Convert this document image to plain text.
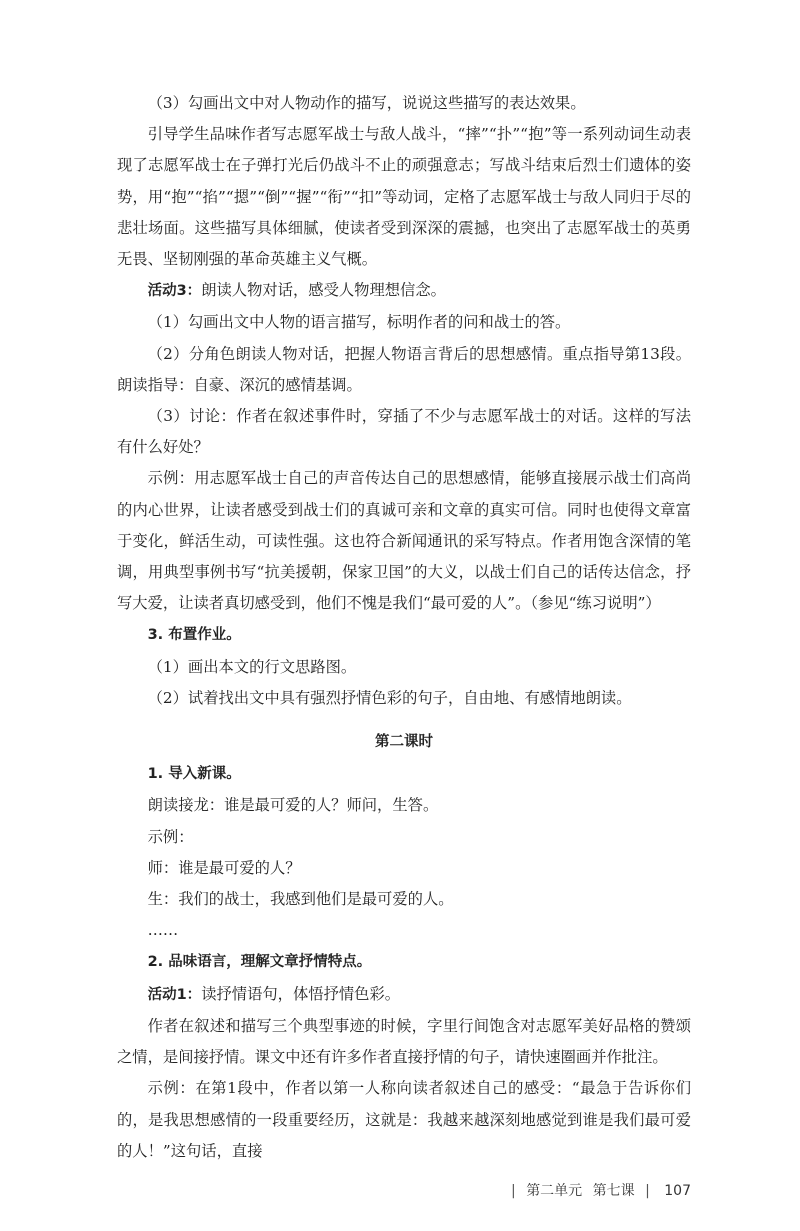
（3）勾画出文中对人物动作的描写，说说这些描写的表达效果。

引导学生品味作者写志愿军战士与敌人战斗，“摔”“扑”“抱”等一系列动词生动表现了志愿军战士在子弹打光后仍战斗不止的顽强意志；写战斗结束后烈士们遗体的姿势，用“抱”“掐”“摁”“倒”“握”“衔”“扣”等动词，定格了志愿军战士与敌人同归于尽的悲壮场面。这些描写具体细腻，使读者受到深深的震撼，也突出了志愿军战士的英勇无畏、坚韧刚强的革命英雄主义气概。

活动3：朗读人物对话，感受人物理想信念。

（1）勾画出文中人物的语言描写，标明作者的问和战士的答。

（2）分角色朗读人物对话，把握人物语言背后的思想感情。重点指导第13段。朗读指导：自豪、深沉的感情基调。

（3）讨论：作者在叙述事件时，穿插了不少与志愿军战士的对话。这样的写法有什么好处？

示例：用志愿军战士自己的声音传达自己的思想感情，能够直接展示战士们高尚的内心世界，让读者感受到战士们的真诚可亲和文章的真实可信。同时也使得文章富于变化，鲜活生动，可读性强。这也符合新闻通讯的采写特点。作者用饱含深情的笔调，用典型事例书写“抗美援朝，保家卫国”的大义，以战士们自己的话传达信念，抒写大爱，让读者真切感受到，他们不愧是我们“最可爱的人”。（参见“练习说明”）

3. 布置作业。

（1）画出本文的行文思路图。

（2）试着找出文中具有强烈抒情色彩的句子，自由地、有感情地朗读。

第二课时

1. 导入新课。

朗读接龙：谁是最可爱的人？师问，生答。

示例：

师：谁是最可爱的人？

生：我们的战士，我感到他们是最可爱的人。

……

2. 品味语言，理解文章抒情特点。

活动1：读抒情语句，体悟抒情色彩。

作者在叙述和描写三个典型事迹的时候，字里行间饱含对志愿军美好品格的赞颂之情，是间接抒情。课文中还有许多作者直接抒情的句子，请快速圈画并作批注。

示例：在第1段中，作者以第一人称向读者叙述自己的感受：“最急于告诉你们的，是我思想感情的一段重要经历，这就是：我越来越深刻地感觉到谁是我们最可爱的人！”这句话，直接

| 第二单元 第七课 | 107
